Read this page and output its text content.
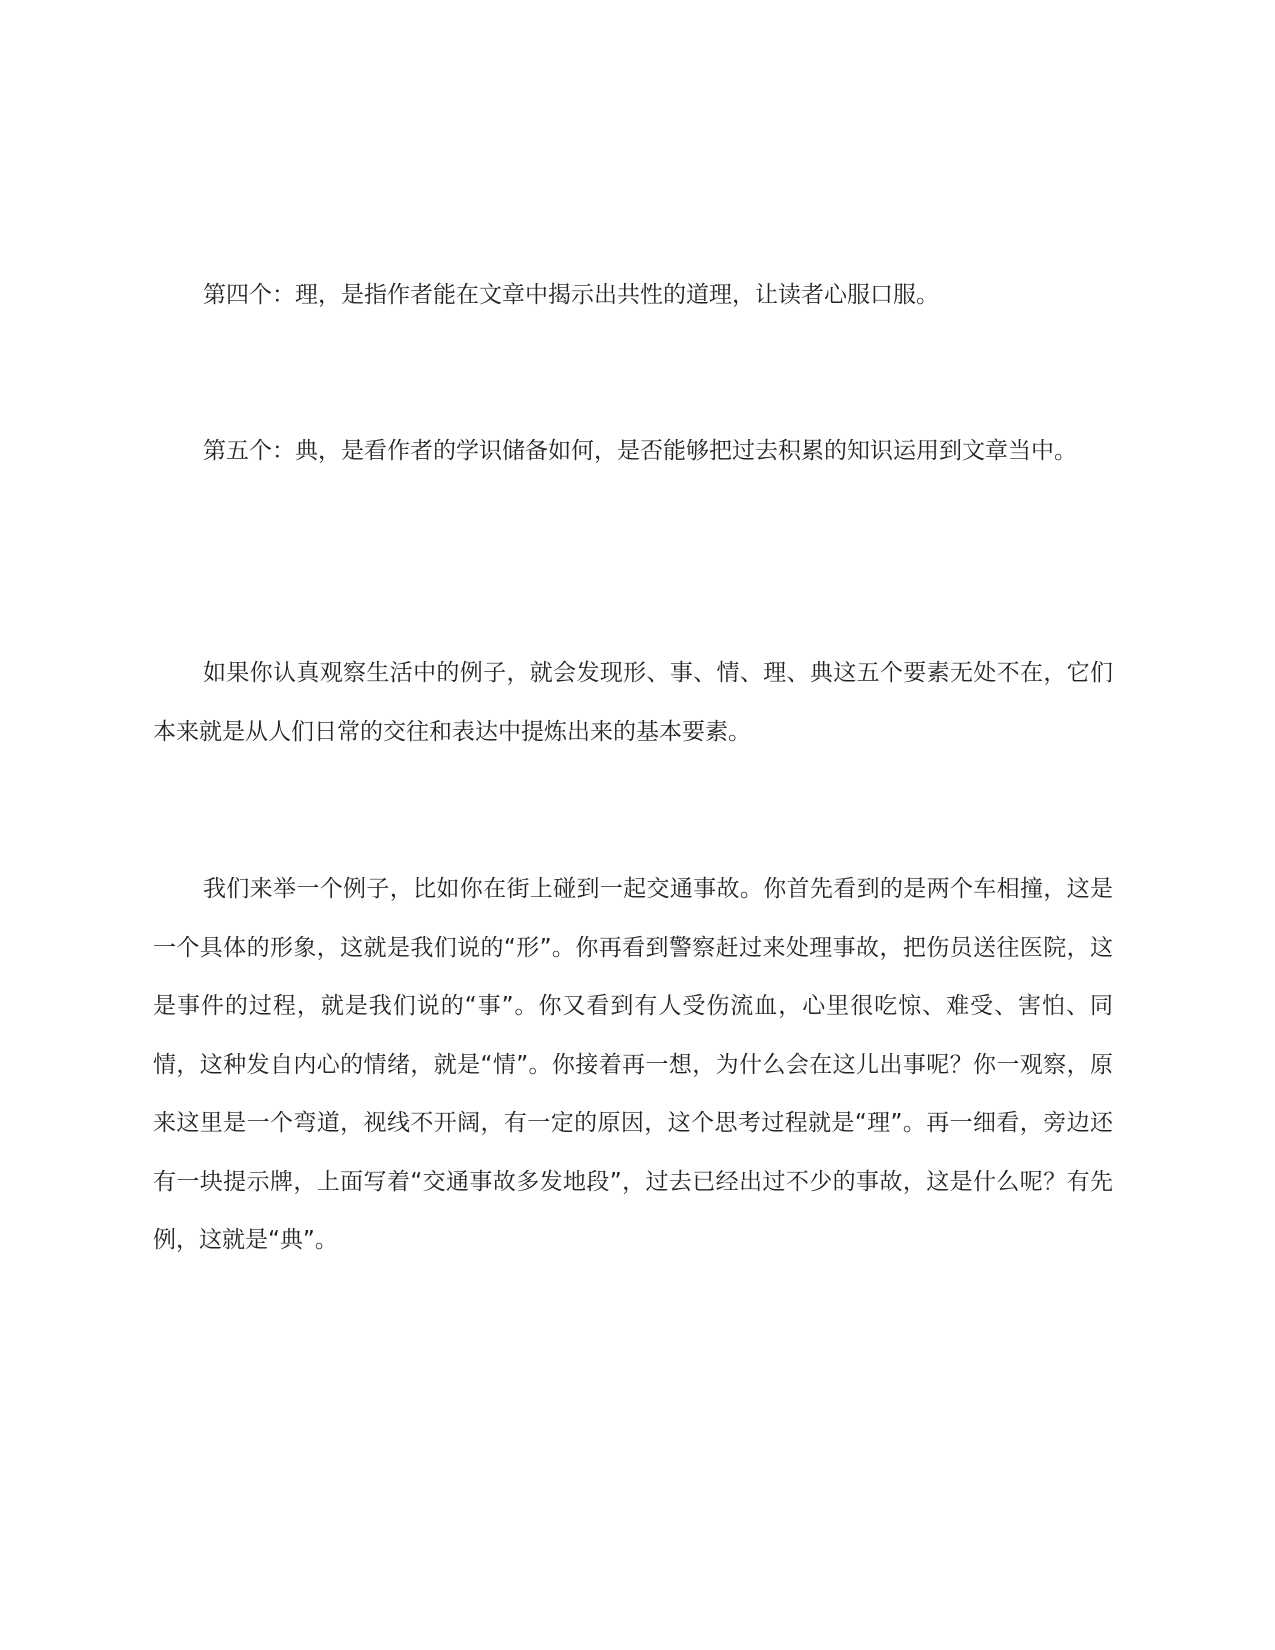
第四个：理，是指作者能在文章中揭示出共性的道理，让读者心服口服。

第五个：典，是看作者的学识储备如何，是否能够把过去积累的知识运用到文章当中。

如果你认真观察生活中的例子，就会发现形、事、情、理、典这五个要素无处不在，它们本来就是从人们日常的交往和表达中提炼出来的基本要素。

我们来举一个例子，比如你在街上碰到一起交通事故。你首先看到的是两个车相撞，这是一个具体的形象，这就是我们说的“形”。你再看到警察赶过来处理事故，把伤员送往医院，这是事件的过程，就是我们说的“事”。你又看到有人受伤流血，心里很吃惊、难受、害怕、同情，这种发自内心的情绪，就是“情”。你接着再一想，为什么会在这儿出事呢？你一观察，原来这里是一个弯道，视线不开阔，有一定的原因，这个思考过程就是“理”。再一细看，旁边还有一块提示牌，上面写着“交通事故多发地段”，过去已经出过不少的事故，这是什么呢？有先例，这就是“典”。
